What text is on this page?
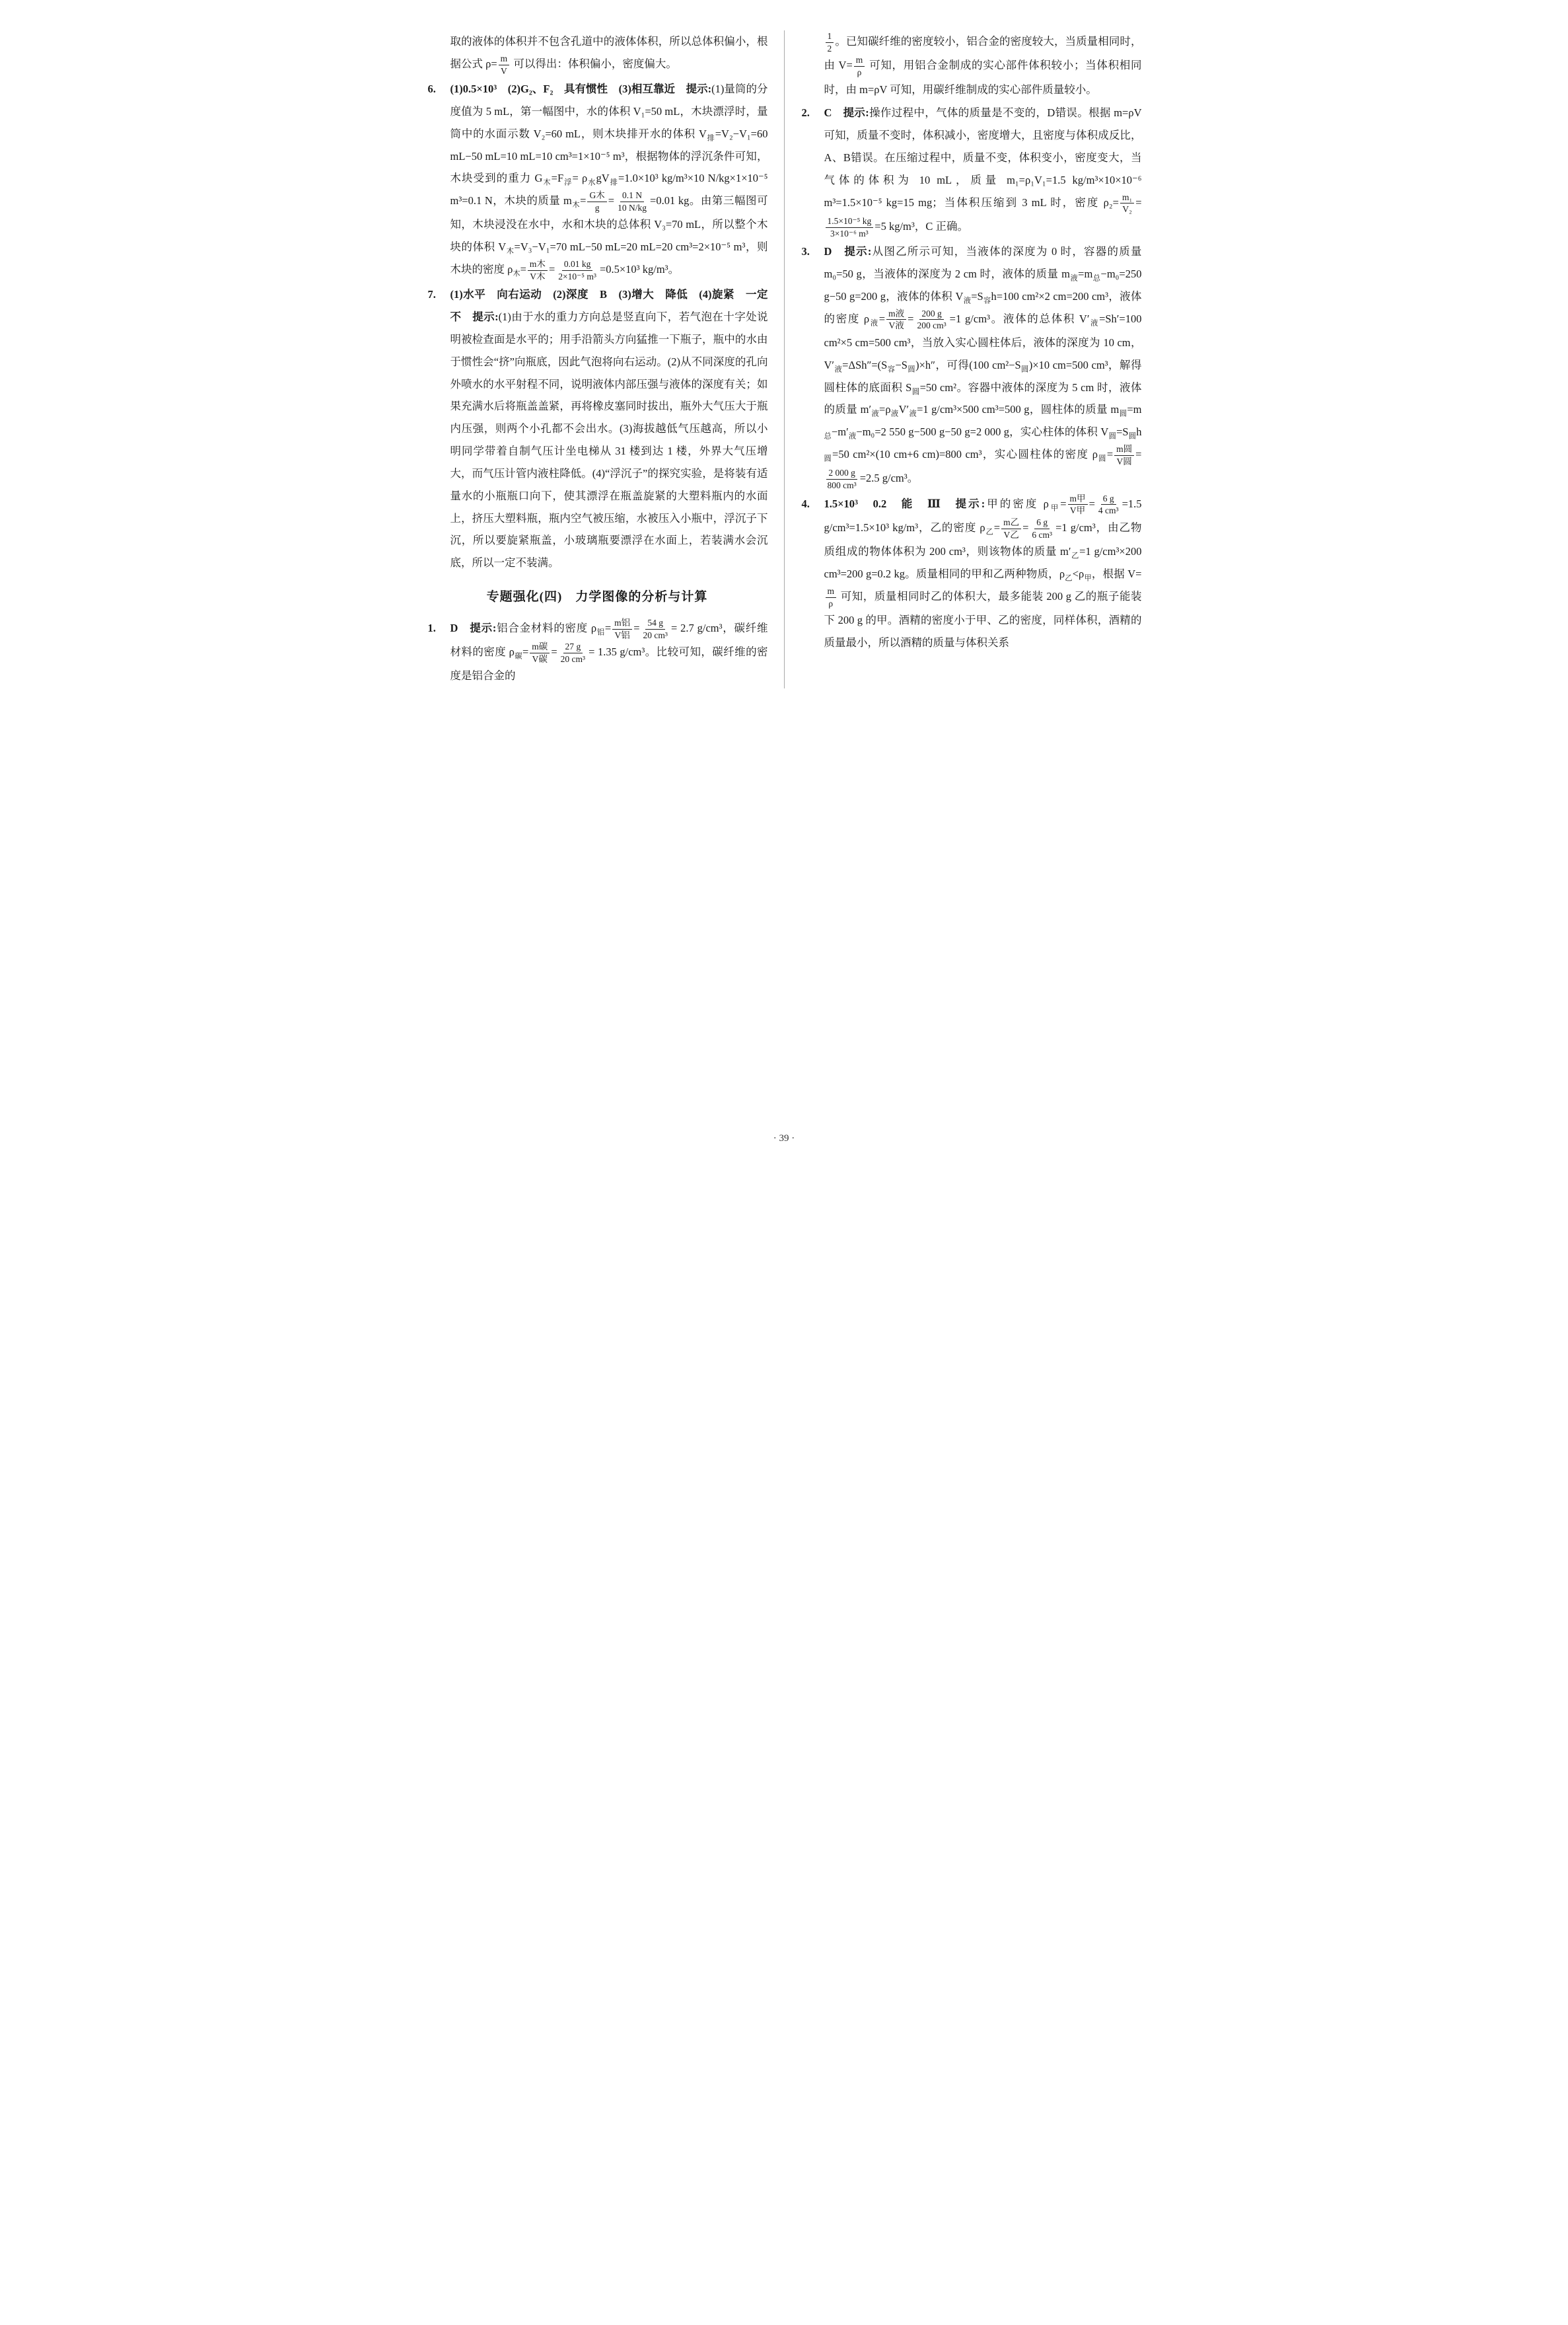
取的液体的体积并不包含孔道中的液体体积，所以总体积偏小，根据公式 $\rho= \frac{m}{V}$ 可以得出：体积偏小，密度偏大。
6. (1)0.5×10³　(2)G₂、F₂　具有惯性　(3)相互靠近　提示:(1)量筒的分度值为 5 mL，第一幅图中，水的体积 V₁=50 mL，木块漂浮时，量筒中的水面示数 V₂=60 mL，则木块排开水的体积 $V_排=V_2-V_1=60$ mL−50 mL=10 mL=10 cm³=1×10⁻⁵ m³，根据物体的浮沉条件可知，木块受到的重力 $G_木=F_浮= \rho_水gV_排=1.0\times 10^3$ kg/m³×10 N/kg×1×10⁻⁵ m³=0.1 N，木块的质量 $m_木= \frac{\text{G木}}{g} = \frac{0.1 N}{10 N/kg} =0.01$ kg。由第三幅图可知，木块浸没在水中，水和木块的总体积 V₃=70 mL，所以整个木块的体积 $V_木=V_3-V_1=70$ mL−50 mL=20 mL=20 cm³=2×10⁻⁵ m³，则木块的密度 $\rho_木= \frac{\text{m木}}{\text{V木}} = \frac{0.01 kg}{\text{2×10⁻⁵ m³}} =0.5\times 10^3$ kg/m³。
7. (1)水平　向右运动　(2)深度　B　(3)增大　降低　(4)旋紧　一定不　提示:(1)由于水的重力方向总是竖直向下，若气泡在十字处说明被检查面是水平的；用手沿箭头方向猛推一下瓶子，瓶中的水由于惯性会“挤”向瓶底，因此气泡将向右运动。(2)从不同深度的孔向外喷水的水平射程不同，说明液体内部压强与液体的深度有关；如果充满水后将瓶盖盖紧，再将橡皮塞同时拔出，瓶外大气压大于瓶内压强，则两个小孔都不会出水。(3)海拔越低气压越高，所以小明同学带着自制气压计坐电梯从 31 楼到达 1 楼，外界大气压增大，而气压计管内液柱降低。(4)“浮沉子”的探究实验，是将装有适量水的小瓶瓶口向下，使其漂浮在瓶盖旋紧的大塑料瓶内的水面上，挤压大塑料瓶，瓶内空气被压缩，水被压入小瓶中，浮沉子下沉，所以要旋紧瓶盖，小玻璃瓶要漂浮在水面上，若装满水会沉底，所以一定不装满。
专题强化(四)　力学图像的分析与计算
1. D　提示:铝合金材料的密度 $\rho_铝= \frac{\text{m铝}}{\text{V铝}} = \frac{54 g}{\text{20 cm³}} = 2.7$ g/cm³，碳纤维材料的密度 $\rho_碳= \frac{\text{m碳}}{\text{V碳}} = \frac{27 g}{\text{20 cm³}} = 1.35$ g/cm³。比较可知，碳纤维的密度是铝合金的
$\frac{1}{2}$ 。已知碳纤维的密度较小，铝合金的密度较大，当质量相同时，由 $V= \frac{m}{\rho}$ 可知，用铝合金制成的实心部件体积较小；当体积相同时，由 m=ρV 可知，用碳纤维制成的实心部件质量较小。
2. C　提示:操作过程中，气体的质量是不变的，D错误。根据 m=ρV 可知，质量不变时，体积减小，密度增大，且密度与体积成反比，A、B错误。在压缩过程中，质量不变，体积变小，密度变大，当气体的体积为 10 mL，质量 m₁=ρ₁V₁=1.5 kg/m³×10×10⁻⁶ m³=1.5×10⁻⁵ kg=15 mg；当体积压缩到 3 mL 时，密度 $\rho_2= \frac{\text{m₁}}{\text{V₂}}$ =
$\frac{\text{1.5×10⁻⁵ kg}}{\text{3×10⁻⁶ m³}} =5$ kg/m³，C 正确。
3. D　提示:从图乙所示可知，当液体的深度为 0 时，容器的质量 m₀=50 g，当液体的深度为 2 cm 时，液体的质量 $m_液=m_总-m_0=250$ g−50 g=200 g，液体的体积 $V_液=S_容h=100$ cm²×2 cm=200 cm³，液体的密度 $\rho_液= \frac{\text{m液}}{\text{V液}} = \frac{200 g}{\text{200 cm³}} =1$ g/cm³。液体的总体积 $V'_液=Sh'=100$ cm²×5 cm=500 cm³，当放入实心圆柱体后，液体的深度为 10 cm，$V'_液=\Delta Sh''=(S_容-S_圆)\times h''$，可得(100 $cm^2-S_圆)\times 10$ cm=500 cm³，解得圆柱体的底面积 $S_圆=50$ cm²。容器中液体的深度为 5 cm 时，液体的质量 $m'_液=\rho_液V'_液=1$ g/cm³×500 cm³=500 g，圆柱体的质量 $m_圆=m_总-m'_液-m_0=2$ 550 g−500 g−50 g=2 000 g，实心柱体的体积 $V_圆=S_圆h_圆=50$ cm²×(10 cm+6 cm)=800 cm³，实心圆柱体的密度 $\rho_圆= \frac{\text{m圆}}{\text{V圆}}$ =
$\frac{2 000 g}{\text{800 cm³}} =2.5$ g/cm³。
4. 1.5×10³　0.2　能　Ⅲ　提示:甲的密度 $\rho_甲= \frac{\text{m甲}}{\text{V甲}} = \frac{6 g}{\text{4 cm³}} =1.5$ g/cm³=1.5×10³ kg/m³，乙的密度 $\rho_乙= \frac{\text{m乙}}{\text{V乙}} = \frac{6 g}{\text{6 cm³}} =1$ g/cm³，由乙物质组成的物体体积为 200 cm³，则该物体的质量 $m'_乙=1$ g/cm³×200 cm³=200 g=0.2 kg。质量相同的甲和乙两种物质，$\rho_乙<\rho_甲$，根据 V=
$\frac{m}{\rho}$ 可知，质量相同时乙的体积大，最多能装 200 g 乙的瓶子能装下 200 g 的甲。酒精的密度小于甲、乙的密度，同样体积，酒精的质量最小，所以酒精的质量与体积关系
· 39 ·
